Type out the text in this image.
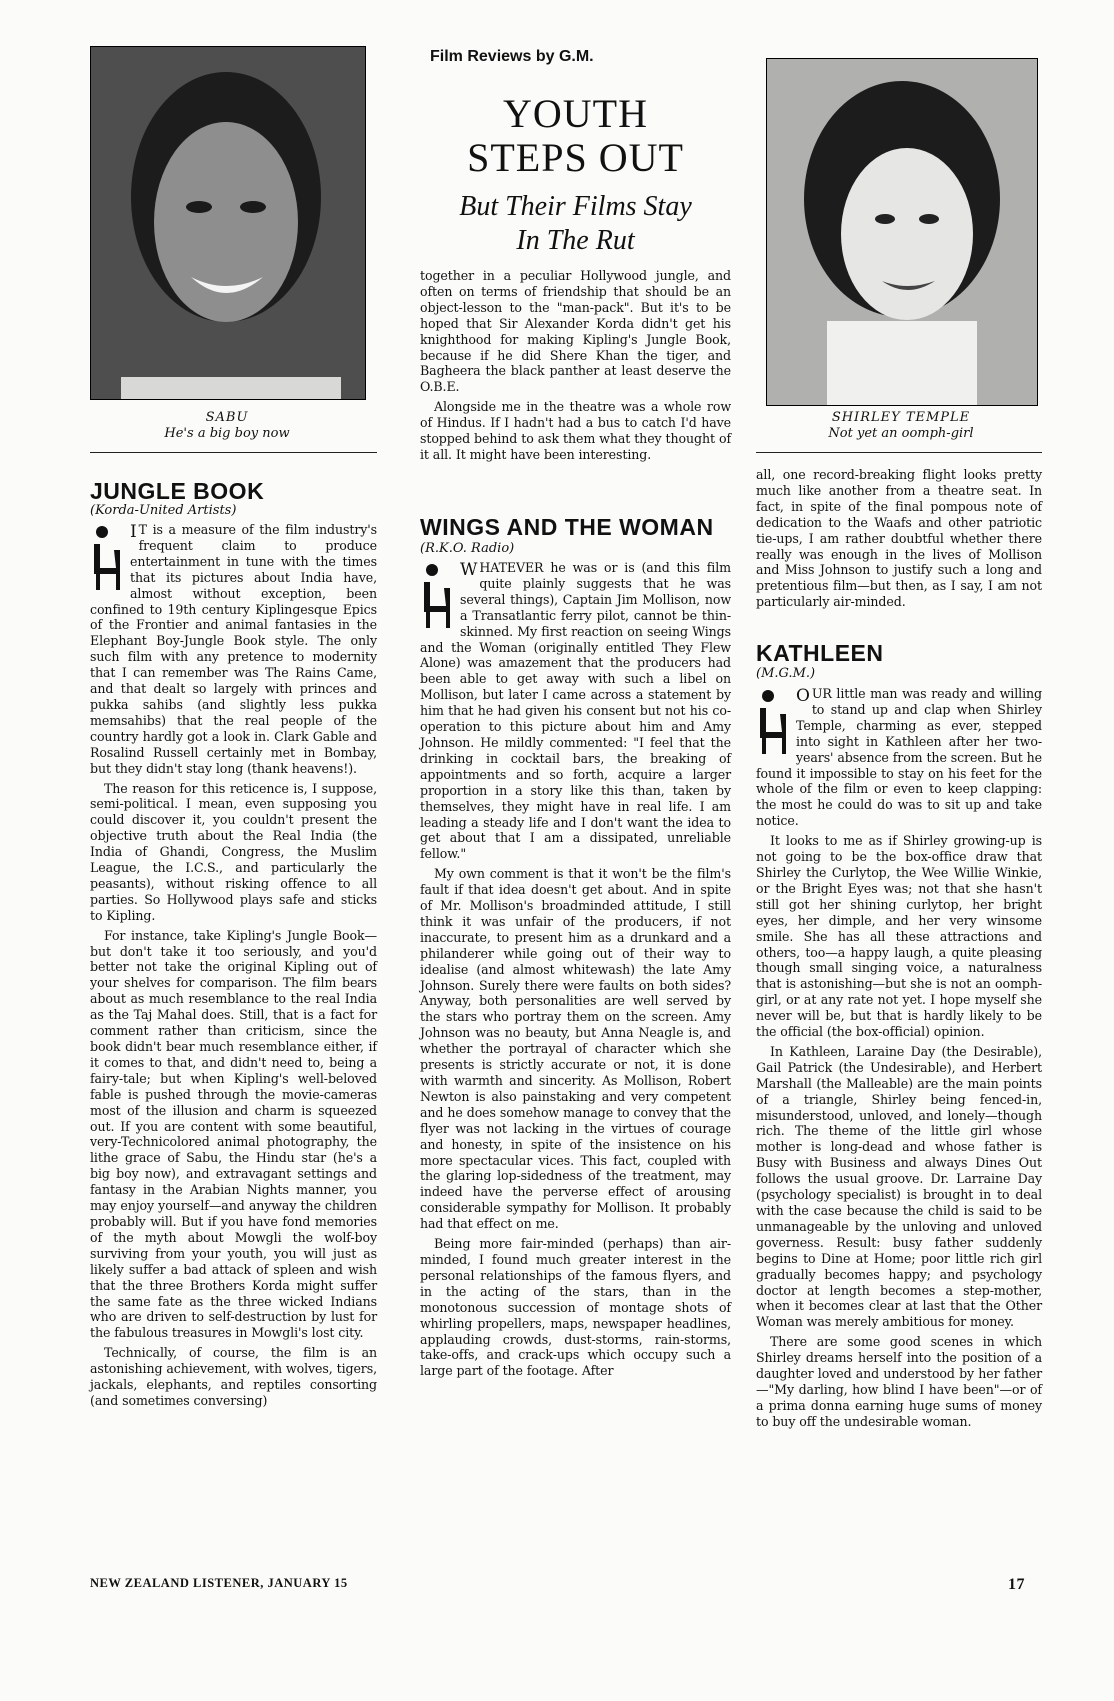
SABU
He's a big boy now
JUNGLE BOOK
(Korda-United Artists)

I T is a measure of the film industry's frequent claim to produce entertainment in tune with the times that its pictures about India have, almost without exception, been confined to 19th century Kiplingesque Epics of the Frontier and animal fantasies in the Elephant Boy-Jungle Book style. The only such film with any pretence to modernity that I can remember was The Rains Came, and that dealt so largely with princes and pukka sahibs (and slightly less pukka memsahibs) that the real people of the country hardly got a look in. Clark Gable and Rosalind Russell certainly met in Bombay, but they didn't stay long (thank heavens!).

The reason for this reticence is, I suppose, semi-political. I mean, even supposing you could discover it, you couldn't present the objective truth about the Real India (the India of Ghandi, Congress, the Muslim League, the I.C.S., and particularly the peasants), without risking offence to all parties. So Hollywood plays safe and sticks to Kipling.

For instance, take Kipling's Jungle Book—but don't take it too seriously, and you'd better not take the original Kipling out of your shelves for comparison. The film bears about as much resemblance to the real India as the Taj Mahal does. Still, that is a fact for comment rather than criticism, since the book didn't bear much resemblance either, if it comes to that, and didn't need to, being a fairy-tale; but when Kipling's well-beloved fable is pushed through the movie-cameras most of the illusion and charm is squeezed out. If you are content with some beautiful, very-Technicolored animal photography, the lithe grace of Sabu, the Hindu star (he's a big boy now), and extravagant settings and fantasy in the Arabian Nights manner, you may enjoy yourself—and anyway the children probably will. But if you have fond memories of the myth about Mowgli the wolf-boy surviving from your youth, you will just as likely suffer a bad attack of spleen and wish that the three Brothers Korda might suffer the same fate as the three wicked Indians who are driven to self-destruction by lust for the fabulous treasures in Mowgli's lost city.

Technically, of course, the film is an astonishing achievement, with wolves, tigers, jackals, elephants, and reptiles consorting (and sometimes conversing)

NEW ZEALAND LISTENER, JANUARY 15
Film Reviews by G.M.
YOUTH
STEPS OUT
But Their Films Stay
In The Rut

together in a peculiar Hollywood jungle, and often on terms of friendship that should be an object-lesson to the "man-pack". But it's to be hoped that Sir Alexander Korda didn't get his knighthood for making Kipling's Jungle Book, because if he did Shere Khan the tiger, and Bagheera the black panther at least deserve the O.B.E.

Alongside me in the theatre was a whole row of Hindus. If I hadn't had a bus to catch I'd have stopped behind to ask them what they thought of it all. It might have been interesting.

WINGS AND THE WOMAN
(R.K.O. Radio)

W HATEVER he was or is (and this film quite plainly suggests that he was several things), Captain Jim Mollison, now a Transatlantic ferry pilot, cannot be thin-skinned. My first reaction on seeing Wings and the Woman (originally entitled They Flew Alone) was amazement that the producers had been able to get away with such a libel on Mollison, but later I came across a statement by him that he had given his consent but not his co-operation to this picture about him and Amy Johnson. He mildly commented: "I feel that the drinking in cocktail bars, the breaking of appointments and so forth, acquire a larger proportion in a story like this than, taken by themselves, they might have in real life. I am leading a steady life and I don't want the idea to get about that I am a dissipated, unreliable fellow."

My own comment is that it won't be the film's fault if that idea doesn't get about. And in spite of Mr. Mollison's broadminded attitude, I still think it was unfair of the producers, if not inaccurate, to present him as a drunkard and a philanderer while going out of their way to idealise (and almost whitewash) the late Amy Johnson. Surely there were faults on both sides? Anyway, both personalities are well served by the stars who portray them on the screen. Amy Johnson was no beauty, but Anna Neagle is, and whether the portrayal of character which she presents is strictly accurate or not, it is done with warmth and sincerity. As Mollison, Robert Newton is also painstaking and very competent and he does somehow manage to convey that the flyer was not lacking in the virtues of courage and honesty, in spite of the insistence on his more spectacular vices. This fact, coupled with the glaring lop-sidedness of the treatment, may indeed have the perverse effect of arousing considerable sympathy for Mollison. It probably had that effect on me.

Being more fair-minded (perhaps) than air-minded, I found much greater interest in the personal relationships of the famous flyers, and in the acting of the stars, than in the monotonous succession of montage shots of whirling propellers, maps, newspaper headlines, applauding crowds, dust-storms, rain-storms, take-offs, and crack-ups which occupy such a large part of the footage. After

SHIRLEY TEMPLE
Not yet an oomph-girl

all, one record-breaking flight looks pretty much like another from a theatre seat. In fact, in spite of the final pompous note of dedication to the Waafs and other patriotic tie-ups, I am rather doubtful whether there really was enough in the lives of Mollison and Miss Johnson to justify such a long and pretentious film—but then, as I say, I am not particularly air-minded.

KATHLEEN
(M.G.M.)

O UR little man was ready and willing to stand up and clap when Shirley Temple, charming as ever, stepped into sight in Kathleen after her two-years' absence from the screen. But he found it impossible to stay on his feet for the whole of the film or even to keep clapping: the most he could do was to sit up and take notice.

It looks to me as if Shirley growing-up is not going to be the box-office draw that Shirley the Curlytop, the Wee Willie Winkie, or the Bright Eyes was; not that she hasn't still got her shining curlytop, her bright eyes, her dimple, and her very winsome smile. She has all these attractions and others, too—a happy laugh, a quite pleasing though small singing voice, a naturalness that is astonishing—but she is not an oomph-girl, or at any rate not yet. I hope myself she never will be, but that is hardly likely to be the official (the box-official) opinion.

In Kathleen, Laraine Day (the Desirable), Gail Patrick (the Undesirable), and Herbert Marshall (the Malleable) are the main points of a triangle, Shirley being fenced-in, misunderstood, unloved, and lonely—though rich. The theme of the little girl whose mother is long-dead and whose father is Busy with Business and always Dines Out follows the usual groove. Dr. Larraine Day (psychology specialist) is brought in to deal with the case because the child is said to be unmanageable by the unloving and unloved governess. Result: busy father suddenly begins to Dine at Home; poor little rich girl gradually becomes happy; and psychology doctor at length becomes a step-mother, when it becomes clear at last that the Other Woman was merely ambitious for money.

There are some good scenes in which Shirley dreams herself into the position of a daughter loved and understood by her father—"My darling, how blind I have been"—or of a prima donna earning huge sums of money to buy off the undesirable woman.

17
